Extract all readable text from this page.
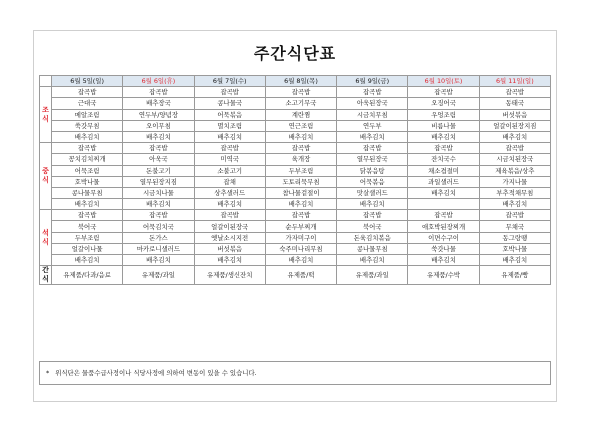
주간식단표
	6월 5일(일)	6월 6일(휴)	6월 7일(수)	6월 8일(목)	6월 9일(금)	6월 10일(토)	6월 11일(일)
조
식	잡곡밥	잡곡밥	잡곡밥	잡곡밥	잡곡밥	잡곡밥	잡곡밥
	근대국	배추장국	콩나물국	소고기무국	아욱된장국	오징어국	동태국
	메알조림	연두부/양념장	어묵볶음	계란찜	시금치무침	우엉조림	버섯볶음
	쑥갓무침	오이무침	멸치조림	연근조림	연두부	비름나물	얼갈이된장지짐
	배추김치	배추김치	배추김치	배추김치	배추김치	배추김치	배추김치
중
식	잡곡밥	잡곡밥	잡곡밥	잡곡밥	잡곡밥	잡곡밥	잡곡밥
	꽁치김치찌개	아욱국	미역국	육개장	열무된장국	잔치국수	시금치된장국
	어묵조림	돈불고기	소불고기	두부조림	닭볶음탕	채소겹절미	제육볶음/상추
	호박나물	열무된장지짐	잡채	도토리묵무침	어묵볶음	과일샐러드	가지나물
	콩나물무침	시금치나물	상추샐러드	참나물겉절이	맛살샐러드	배추김치	부추적채무침
	배추김치	배추김치	배추김치	배추김치	배추김치		배추김치
석
식	잡곡밥	잡곡밥	잡곡밥	잡곡밥	잡곡밥	잡곡밥	잡곡밥
	북어국	어묵김치국	얼갈이된장국	순두부찌개	북어국	애호박된장찌개	무채국
	두부조림	돈가스	옛날소시지전	가자미구이	돈육김치볶음	이면수구이	동그랑땡
	얼갈이나물	마카로니샐러드	버섯볶음	숙주미나리무침	콩나물무침	쑥갓나물	호박나물
	배추김치	배추김치	배추김치	배추김치	배추김치	배추김치	배추김치
간
식	유제품/다과/음료	유제품/과일	유제품/생신잔치	유제품/떡	유제품/과일	유제품/수박	유제품/빵
* 위식단은 물품수급사정이나 식당사정에 의하여 변동이 있을 수 있습니다.
